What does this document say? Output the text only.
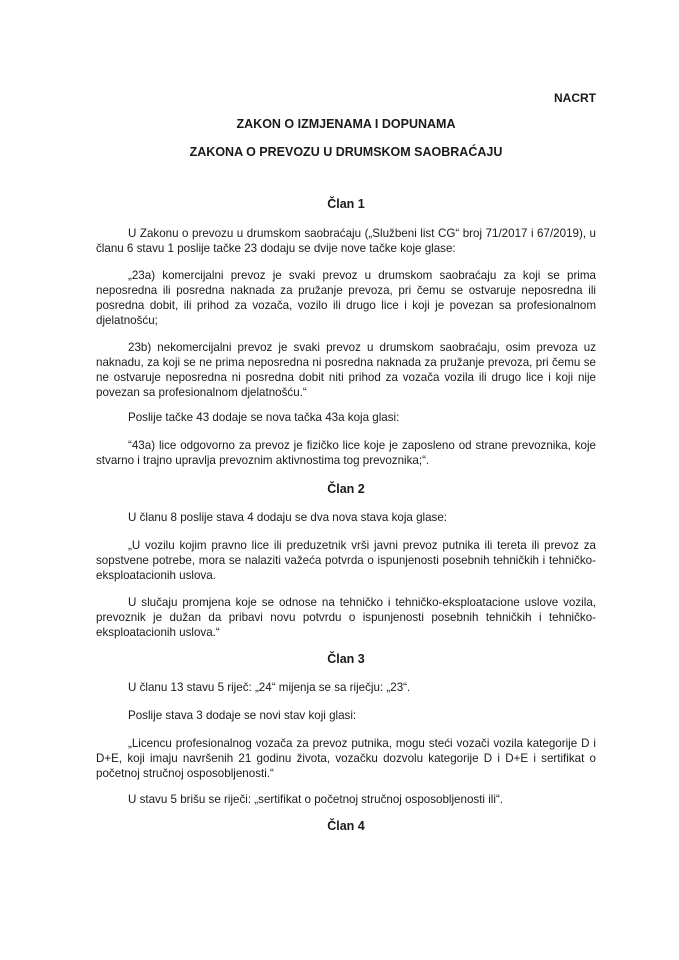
NACRT
ZAKON O IZMJENAMA I DOPUNAMA
ZAKONA O PREVOZU U DRUMSKOM SAOBRAĆAJU
Član 1
U Zakonu o prevozu u drumskom saobraćaju („Službeni list CG“ broj 71/2017 i 67/2019), u članu 6 stavu 1 poslije tačke 23 dodaju se dvije nove tačke koje glase:
„23a) komercijalni prevoz je svaki prevoz u drumskom saobraćaju za koji se prima neposredna ili posredna naknada za pružanje prevoza, pri čemu se ostvaruje neposredna ili posredna dobit, ili prihod za vozača, vozilo ili drugo lice i koji je povezan sa profesionalnom djelatnošću;
23b) nekomercijalni prevoz je svaki prevoz u drumskom saobraćaju, osim prevoza uz naknadu, za koji se ne prima neposredna ni posredna naknada za pružanje prevoza, pri čemu se ne ostvaruje neposredna ni posredna dobit niti prihod za vozača vozila ili drugo lice i koji nije povezan sa profesionalnom djelatnošću.“
Poslije tačke 43 dodaje se nova tačka 43a koja glasi:
“43a) lice odgovorno za prevoz je fizičko lice koje je zaposleno od strane prevoznika, koje stvarno i trajno upravlja prevoznim aktivnostima tog prevoznika;“.
Član 2
U članu 8 poslije stava 4 dodaju se dva nova stava koja glase:
„U vozilu kojim pravno lice ili preduzetnik vrši javni prevoz putnika ili tereta ili prevoz za sopstvene potrebe, mora se nalaziti važeća potvrda o ispunjenosti posebnih tehničkih i tehničko-eksploatacionih uslova.
U slučaju promjena koje se odnose na tehničko i tehničko-eksploatacione uslove vozila, prevoznik je dužan da pribavi novu potvrdu o ispunjenosti posebnih tehničkih i tehničko-eksploatacionih uslova.“
Član 3
U članu 13 stavu 5 riječ: „24“ mijenja se sa riječju: „23“.
Poslije stava 3 dodaje se novi stav koji glasi:
„Licencu profesionalnog vozača za prevoz putnika, mogu steći vozači vozila kategorije D i D+E, koji imaju navršenih 21 godinu života, vozačku dozvolu kategorije D i D+E i sertifikat o početnoj stručnoj osposobljenosti.“
U stavu 5 brišu se riječi: „sertifikat o početnoj stručnoj osposobljenosti ili“.
Član 4
